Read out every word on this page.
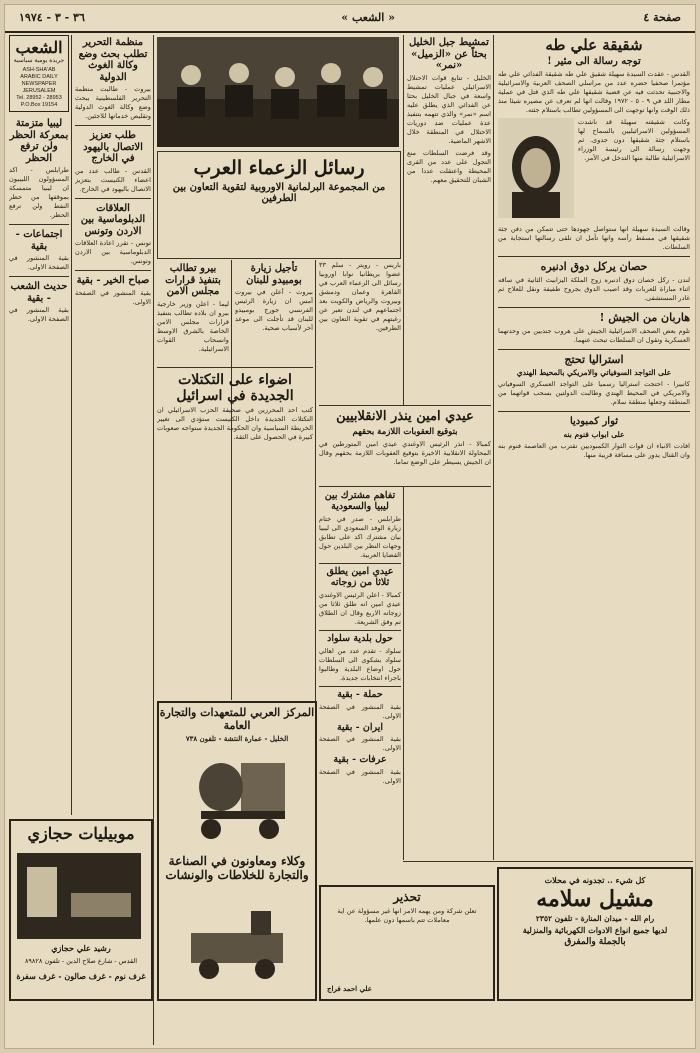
صفحة ٤
« الشعب »
٣٦ - ٣ - ١٩٧٤
شقيقة علي طه
توجه رسالة الى مئير !
القدس - عقدت السيدة سهيلة شقيق علي طه شقيقة الفدائي علي طه مؤتمرا صحفيا حضره عدد من مراسلي الصحف العربية والاسرائيلية والاجنبية تحدثت فيه عن قضية شقيقها علي طه الذي قتل في عملية مطار اللد في ٩ - ٥ - ١٩٧٢ وقالت انها لم تعرف عن مصيره شيئا منذ ذلك الوقت وانها توجهت الى المسؤولين تطالب باستلام جثته.
وكانت شقيقته سهيلة قد ناشدت المسؤولين الاسرائيليين بالسماح لها باستلام جثة شقيقها دون جدوى. ثم وجهت رسالة الى رئيسة الوزراء الاسرائيلية طالبة منها التدخل في الأمر.
وقالت السيدة سهيلة انها ستواصل جهودها حتى تتمكن من دفن جثة شقيقها في مسقط رأسه وانها تأمل ان تلقى رسالتها استجابة من السلطات.
حصان يركل دوق ادنبره
لندن - ركل حصان دوق ادنبره زوج الملكة اليزابيث الثانية في ساقه اثناء مباراة للعربات وقد اصيب الدوق بجروح طفيفة ونقل للعلاج ثم غادر المستشفى.
هاربان من الجيش !
تلوم بعض الصحف الاسرائيلية الجيش على هروب جنديين من وحدتهما العسكرية وتقول ان السلطات تبحث عنهما.
استراليا تحتج
على التواجد السوفياتي والامريكي بالمحيط الهندي
كانبيرا - احتجت استراليا رسميا على التواجد العسكري السوفياتي والامريكي في المحيط الهندي وطالبت الدولتين بسحب قواتهما من المنطقة وجعلها منطقة سلام.
ثوار كمبوديا
على ابواب فنوم بنه
افادت الانباء ان قوات الثوار الكمبوديين تقترب من العاصمة فنوم بنه وان القتال يدور على مسافة قريبة منها.
تمشيط جبل الخليل بحثاً عن «الزميل» «نمر»
الخليل - تتابع قوات الاحتلال الاسرائيلي عمليات تمشيط واسعة في جبال الخليل بحثا عن الفدائي الذي يطلق عليه اسم «نمر» والذي تتهمه بتنفيذ عدة عمليات ضد دوريات الاحتلال في المنطقة خلال الاشهر الماضية.
وقد فرضت السلطات منع التجول على عدد من القرى المحيطة واعتقلت عددا من الشبان للتحقيق معهم.
عيدي امين ينذر الانقلابيين
بتوقيع العقوبات اللازمة بحقهم
كمبالا - انذر الرئيس الاوغندي عيدي امين المتورطين في المحاولة الانقلابية الاخيرة بتوقيع العقوبات اللازمة بحقهم وقال ان الجيش يسيطر على الوضع تماما.
رسائل الزعماء العرب
من المجموعة البرلمانية الاوروبية لتقوية التعاون بين الطرفين
باريس - رويتر - سلم ٣٣ عضوا بريطانيا نوابا اوروبيا رسائل الى الزعماء العرب في القاهرة وعمان ودمشق وبيروت والرياض والكويت بعد اجتماعهم في لندن تعبر عن رغبتهم في تقوية التعاون بين الطرفين.
تفاهم مشترك بين ليبيا والسعودية
طرابلس - صدر في ختام زيارة الوفد السعودي الى ليبيا بيان مشترك اكد على تطابق وجهات النظر بين البلدين حول القضايا العربية.
عيدي امين يطلق ثلاثا من زوجاته
كمبالا - اعلن الرئيس الاوغندي عيدي امين انه طلق ثلاثا من زوجاته الاربع وقال ان الطلاق تم وفق الشريعة.
حول بلدية سلواد
سلواد - تقدم عدد من اهالي سلواد بشكوى الى السلطات حول اوضاع البلدية وطالبوا باجراء انتخابات جديدة.
حملة - بقية
بقية المنشور في الصفحة الاولى.
ايران - بقية
بقية المنشور في الصفحة الاولى.
عرفات - بقية
بقية المنشور في الصفحة الاولى.
تأجيل زيارة بومبيدو للبنان
بيروت - أعلن في بيروت أمس ان زيارة الرئيس الفرنسي جورج بومبيدو للبنان قد تأجلت الى موعد آخر لأسباب صحية.
بيرو تطالب بتنفيذ قرارات مجلس الامن
ليما - اعلن وزير خارجية بيرو ان بلاده تطالب بتنفيذ قرارات مجلس الامن الخاصة بالشرق الاوسط وانسحاب القوات الاسرائيلية.
اضواء على التكتلات الجديدة في اسرائيل
كتب احد المحررين في صحيفة الحزب الاسرائيلي ان التكتلات الجديدة داخل الكنيست ستؤدي الى تغيير الخريطة السياسية وان الحكومة الجديدة ستواجه صعوبات كبيرة في الحصول على الثقة.
منظمة التحرير تطلب بحث وضع وكالة الغوث الدولية
بيروت - طالبت منظمة التحرير الفلسطينية ببحث وضع وكالة الغوث الدولية وتقليص خدماتها للاجئين.
طلب تعزيز الاتصال باليهود في الخارج
القدس - طالب عدد من اعضاء الكنيست بتعزيز الاتصال باليهود في الخارج.
العلاقات الدبلوماسية بين الاردن وتونس
تونس - تقرر اعادة العلاقات الدبلوماسية بين الاردن وتونس.
صباح الخير - بقية
بقية المنشور في الصفحة الاولى.
الشعب
جريدة يومية سياسية
ASH-SHA'AB
ARABIC DAILY
NEWSPAPER
JERUSALEM
Tel. 28952 - 28953
P.O.Box 19154
ليبيا متزمتة بمعركة الحظر ولن ترفع الحظر
طرابلس - اكد المسؤولون الليبيون ان ليبيا متمسكة بموقفها من حظر النفط ولن ترفع الحظر.
اجتماعات - بقية
بقية المنشور في الصفحة الاولى.
حديث الشعب - بقية
بقية المنشور في الصفحة الاولى.
المركز العربي للمتعهدات والتجارة العامة
الخليل - عمارة النتشة - تلفون ٧٣٨
وكلاء ومعاونون في الصناعة والتجارة للخلاطات والونشات
موبيليات حجازي
رشيد علي حجازي
القدس - شارع صلاح الدين - تلفون ٨٩٨٢٨
غرف نوم - غرف صالون - غرف سفرة
تحذير
تعلن شركة ومن يهمه الامر انها غير مسؤولة عن اية معاملات تتم باسمها دون علمها.
علي احمد فراج
كل شيء .. تجدونه في محلات
مشيل سلامه
رام الله - ميدان المنارة - تلفون ٢٣٥٢
لديها جميع انواع الادوات الكهربائية والمنزلية
بالجملة والمفرق
